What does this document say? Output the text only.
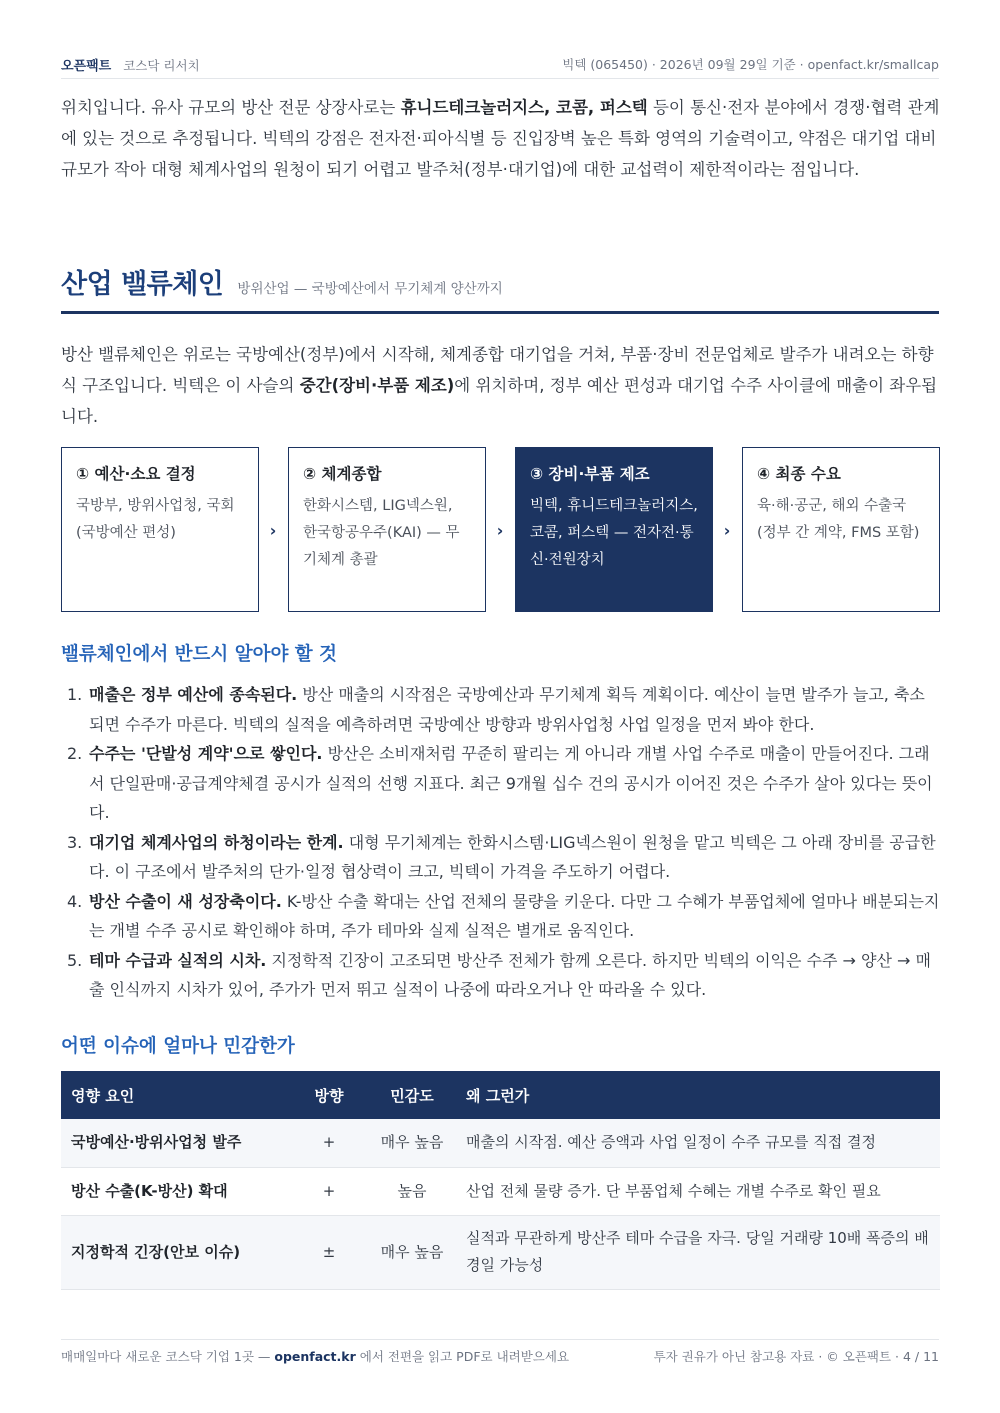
오픈팩트 코스닥 리서치	빅텍 (065450) · 2026년 09월 29일 기준 · openfact.kr/smallcap

위치입니다. 유사 규모의 방산 전문 상장사로는 휴니드테크놀러지스, 코콤, 퍼스텍 등이 통신·전자 분야에서 경쟁·협력 관계에 있는 것으로 추정됩니다. 빅텍의 강점은 전자전·피아식별 등 진입장벽 높은 특화 영역의 기술력이고, 약점은 대기업 대비 규모가 작아 대형 체계사업의 원청이 되기 어렵고 발주처(정부·대기업)에 대한 교섭력이 제한적이라는 점입니다.

산업 밸류체인 방위산업 — 국방예산에서 무기체계 양산까지

방산 밸류체인은 위로는 국방예산(정부)에서 시작해, 체계종합 대기업을 거쳐, 부품·장비 전문업체로 발주가 내려오는 하향식 구조입니다. 빅텍은 이 사슬의 중간(장비·부품 제조)에 위치하며, 정부 예산 편성과 대기업 수주 사이클에 매출이 좌우됩니다.

① 예산·소요 결정
국방부, 방위사업청, 국회 (국방예산 편성)	›
② 체계종합
한화시스템, LIG넥스원, 한국항공우주(KAI) — 무기체계 총괄
›
③ 장비·부품 제조
빅텍, 휴니드테크놀러지스, 코콤, 퍼스텍 — 전자전·통신·전원장치
›
④ 최종 수요
육·해·공군, 해외 수출국 (정부 간 계약, FMS 포함)
밸류체인에서 반드시 알아야 할 것
1. 매출은 정부 예산에 종속된다. 방산 매출의 시작점은 국방예산과 무기체계 획득 계획이다. 예산이 늘면 발주가 늘고, 축소되면 수주가 마른다. 빅텍의 실적을 예측하려면 국방예산 방향과 방위사업청 사업 일정을 먼저 봐야 한다.
2. 수주는 '단발성 계약'으로 쌓인다. 방산은 소비재처럼 꾸준히 팔리는 게 아니라 개별 사업 수주로 매출이 만들어진다. 그래서 단일판매·공급계약체결 공시가 실적의 선행 지표다. 최근 9개월 십수 건의 공시가 이어진 것은 수주가 살아 있다는 뜻이다.
3. 대기업 체계사업의 하청이라는 한계. 대형 무기체계는 한화시스템·LIG넥스원이 원청을 맡고 빅텍은 그 아래 장비를 공급한다. 이 구조에서 발주처의 단가·일정 협상력이 크고, 빅텍이 가격을 주도하기 어렵다.
4. 방산 수출이 새 성장축이다. K-방산 수출 확대는 산업 전체의 물량을 키운다. 다만 그 수혜가 부품업체에 얼마나 배분되는지는 개별 수주 공시로 확인해야 하며, 주가 테마와 실제 실적은 별개로 움직인다.
5. 테마 수급과 실적의 시차. 지정학적 긴장이 고조되면 방산주 전체가 함께 오른다. 하지만 빅텍의 이익은 수주 → 양산 → 매출 인식까지 시차가 있어, 주가가 먼저 뛰고 실적이 나중에 따라오거나 안 따라올 수 있다.
어떤 이슈에 얼마나 민감한가
영향 요인	방향	민감도	왜 그런가
국방예산·방위사업청 발주	+	매우 높음	매출의 시작점. 예산 증액과 사업 일정이 수주 규모를 직접 결정
방산 수출(K-방산) 확대	+	높음	산업 전체 물량 증가. 단 부품업체 수혜는 개별 수주로 확인 필요
지정학적 긴장(안보 이슈)	±	매우 높음	실적과 무관하게 방산주 테마 수급을 자극. 당일 거래량 10배 폭증의 배경일 가능성
매매일마다 새로운 코스닥 기업 1곳 — openfact.kr 에서 전편을 읽고 PDF로 내려받으세요	투자 권유가 아닌 참고용 자료 · © 오픈팩트 · 4 / 11
